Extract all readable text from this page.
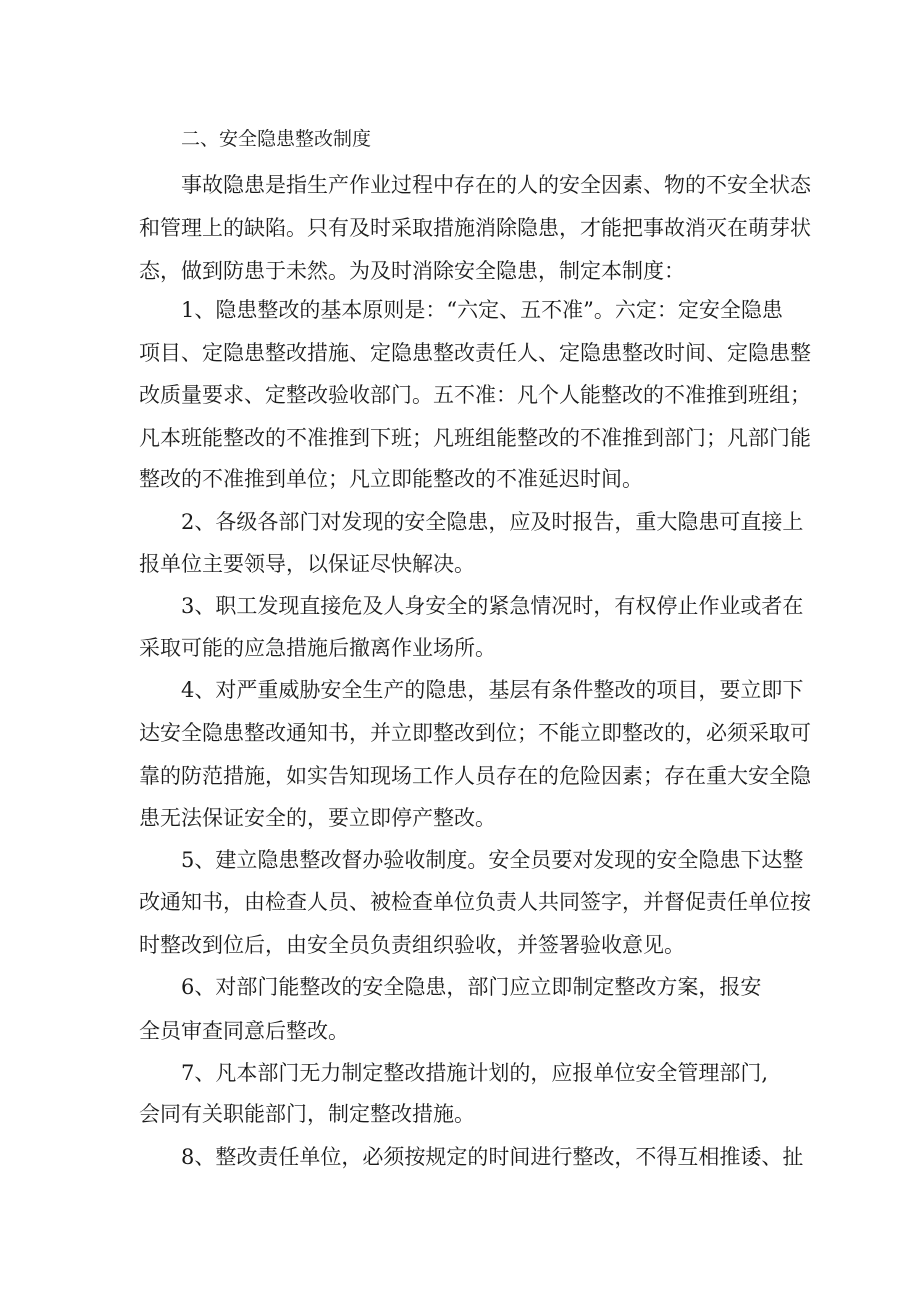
二、安全隐患整改制度
事故隐患是指生产作业过程中存在的人的安全因素、物的不安全状态
和管理上的缺陷。只有及时采取措施消除隐患，才能把事故消灭在萌芽状
态，做到防患于未然。为及时消除安全隐患，制定本制度：
1、隐患整改的基本原则是：“六定、五不准”。六定：定安全隐患
项目、定隐患整改措施、定隐患整改责任人、定隐患整改时间、定隐患整
改质量要求、定整改验收部门。五不准：凡个人能整改的不准推到班组；
凡本班能整改的不准推到下班；凡班组能整改的不准推到部门；凡部门能
整改的不准推到单位；凡立即能整改的不准延迟时间。
2、各级各部门对发现的安全隐患，应及时报告，重大隐患可直接上
报单位主要领导，以保证尽快解决。
3、职工发现直接危及人身安全的紧急情况时，有权停止作业或者在
采取可能的应急措施后撤离作业场所。
4、对严重威胁安全生产的隐患，基层有条件整改的项目，要立即下
达安全隐患整改通知书，并立即整改到位；不能立即整改的，必须采取可
靠的防范措施，如实告知现场工作人员存在的危险因素；存在重大安全隐
患无法保证安全的，要立即停产整改。
5、建立隐患整改督办验收制度。安全员要对发现的安全隐患下达整
改通知书，由检查人员、被检查单位负责人共同签字，并督促责任单位按
时整改到位后，由安全员负责组织验收，并签署验收意见。
6、对部门能整改的安全隐患，部门应立即制定整改方案，报安
全员审查同意后整改。
7、凡本部门无力制定整改措施计划的，应报单位安全管理部门,
会同有关职能部门，制定整改措施。
8、整改责任单位，必须按规定的时间进行整改，不得互相推诿、扯
